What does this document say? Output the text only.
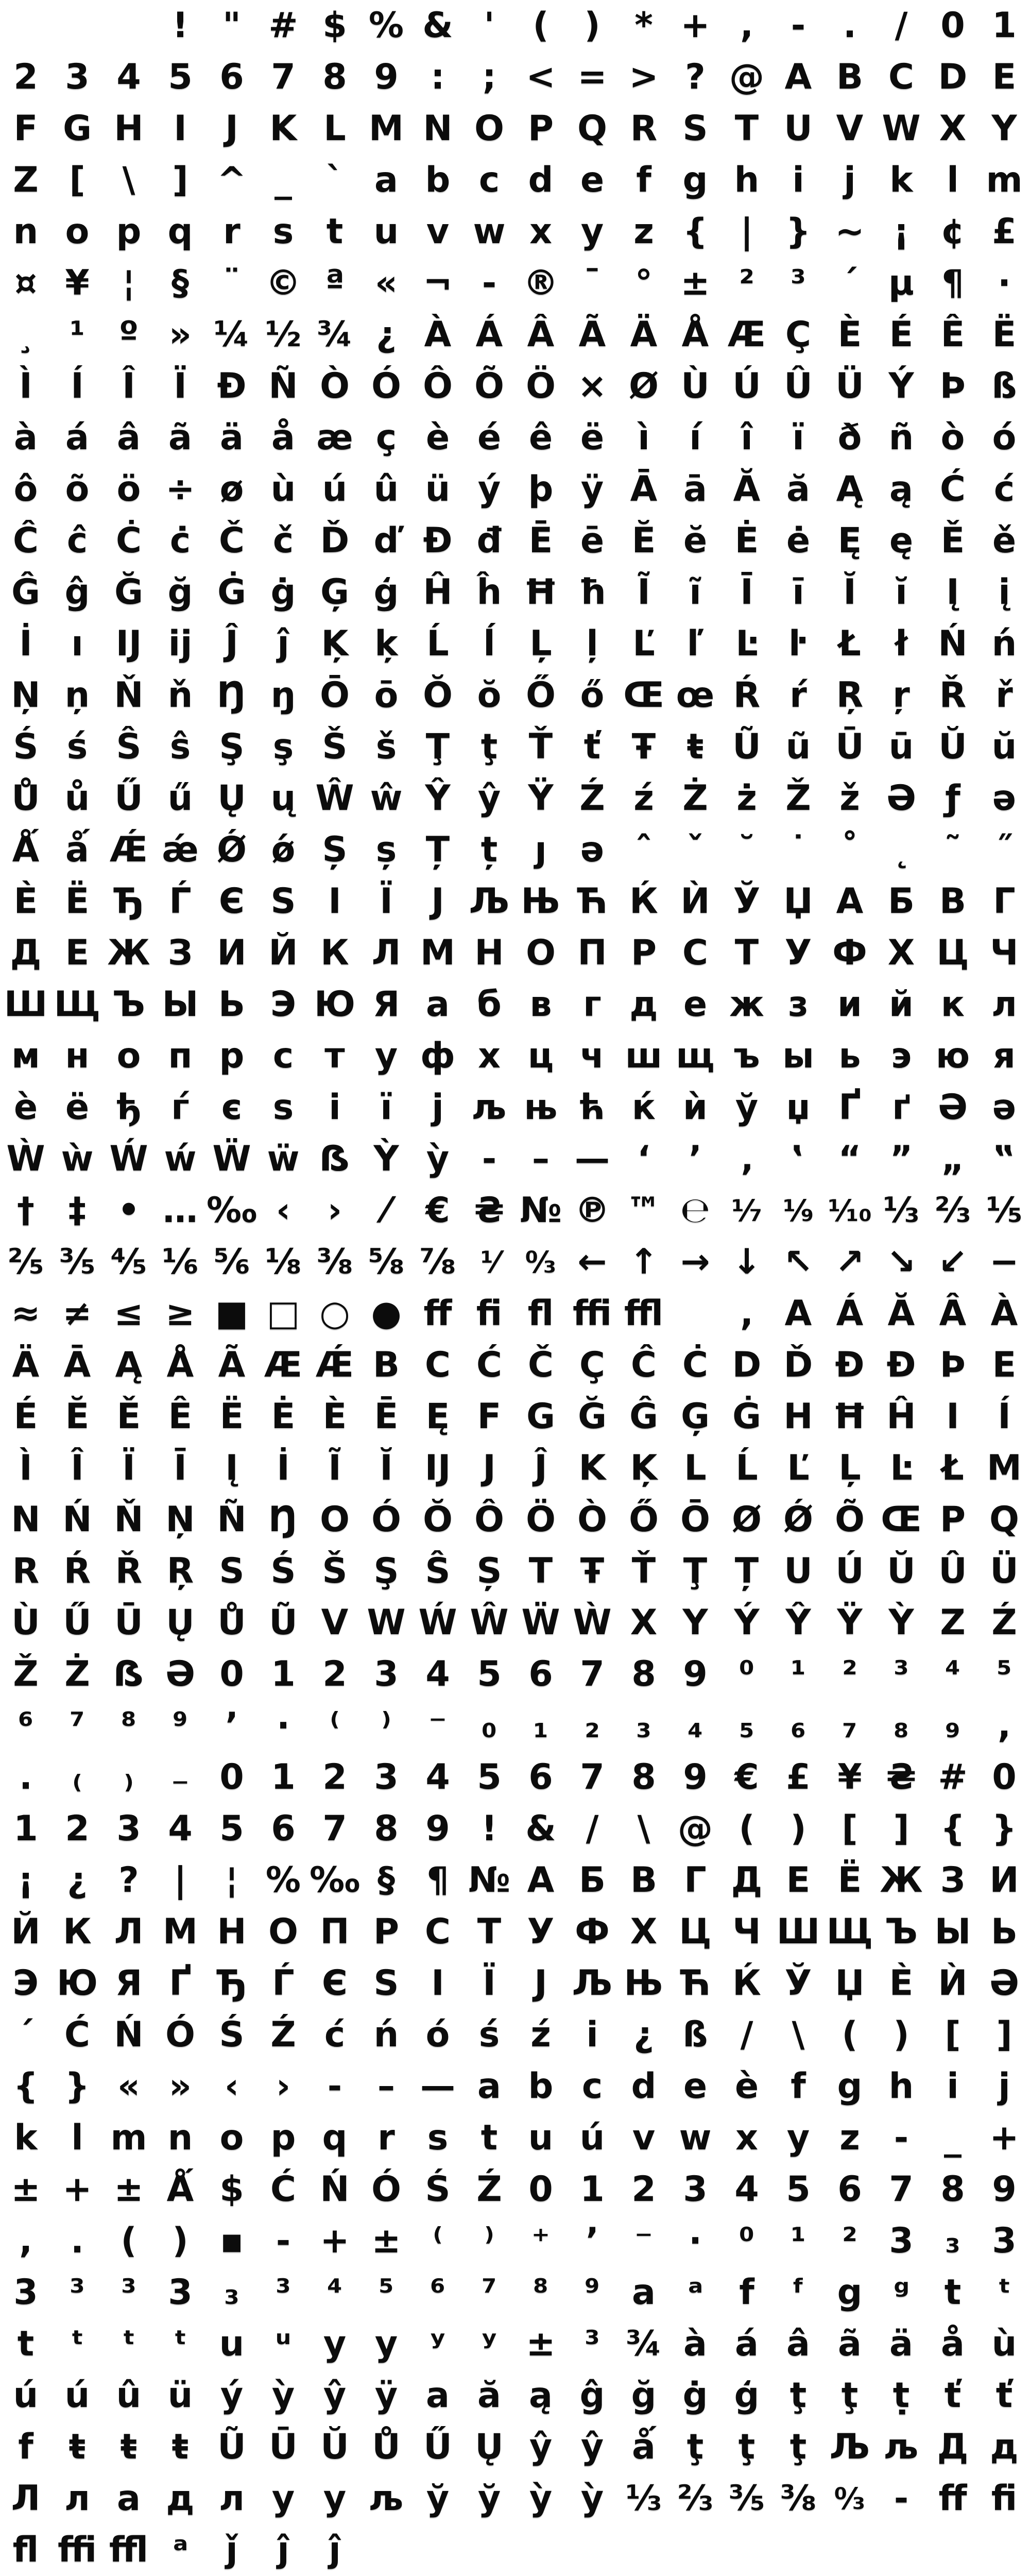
! " # $ % & '	(	) * + ,	-	.	/ 0 1
2 3 4 5 6 7 8 9 :	; < = > ? @ A B C D E
F G H I	J K L M N O P Q R S T U V W X Y
Z [	\	] ^ _ ` a b c d e f g h i	j k l m
n o p q r s t u v w x y z { | } ~ ¡ ¢ £
¤ ¥ ¦	§ ¨ © ª « ¬ - ® ¯ ° ± ²	³	´ µ ¶ ·
¸	¹ º » ¼ ½ ¾ ¿ À Á Â Ã Ä Å Æ Ç È É Ê Ë
Ì	Í	Î	Ï Ð Ñ Ò Ó Ô Õ Ö × Ø Ù Ú Û Ü Ý Þ ß
à á â ã ä å æ ç è é ê ë ì	í	î	ï ð ñ ò ó
ô õ ö ÷ ø ù ú û ü ý þ ÿ Ā ā Ă ă Ą ą Ć ć
Ĉ ĉ Ċ ċ Č č Ď ď Đ đ Ē ē Ĕ ĕ Ė ė Ę ę Ě ě
Ĝ ĝ Ğ ğ Ġ ġ Ģ ģ Ĥ ĥ Ħ ħ Ĩ	ĩ	Ī	ī	Ĭ	ĭ	Į	į
İ	ı Ĳ ĳ Ĵ	ĵ Ķ ķ Ĺ ĺ Ļ ļ Ľ ľ Ŀ ŀ Ł ł Ń ń
Ņ ņ Ň ň Ŋ ŋ Ō ō Ŏ ŏ Ő ő Œ œ Ŕ ŕ Ŗ ŗ Ř ř
Ś ś Ŝ ŝ Ş ş Š š Ţ ţ Ť ť Ŧ ŧ Ũ ũ Ū ū Ŭ ŭ
Ů ů Ű ű Ų ų Ŵ ŵ Ŷ ŷ Ÿ Ź ź Ż ż Ž ž Ə ƒ ə
Ǻ ǻ Ǽ ǽ Ǿ ǿ Ș ș Ț ț	ȷ ǝ ˆ ˇ ˘ ˙ ˚ ˛ ˜ ˝
Ѐ Ё Ђ Ѓ Є Ѕ І	Ї	Ј Љ Њ Ћ Ќ Ѝ Ў Џ А Б В Г
Д Е Ж З И Й К Л М Н О П Р С Т У Ф Х Ц Ч
Ш Щ Ъ Ы Ь Э Ю Я а б в г д е ж з и й к л
м н о п р с т у ф х ц ч ш щ ъ ы ь э ю я
ѐ ё ђ ѓ є ѕ	і	ї	ј љ њ ћ ќ ѝ ў џ Ґ ґ Ә ә
Ẁ ẁ Ẃ ẃ Ẅ ẅ ẞ Ỳ ỳ ‐	– — ‘	’	‚	‛ “ ” „ ‟
† ‡ • … ‰ ‹	›	⁄	€ ₴ № ℗ ™ ℮ ¹⁄₇ ¹⁄₉ ¹⁄₁₀ ⅓ ⅔ ⅕
⅖ ⅗ ⅘ ⅙ ⅚ ⅛ ⅜ ⅝ ⅞ ¹⁄ ⁰⁄₃ ← ↑ → ↓ ↖ ↗ ↘ ↙ −
≈ ≠ ≤ ≥ ■ □ ○ ● ﬀ ﬁ ﬂ ﬃ ﬄ	, A Á Ă Â À
Ä Ā Ą Å Ã Æ Ǽ B C Ć Č Ç Ĉ Ċ D Ď Đ Ð Þ E
É Ĕ Ě Ê Ë Ė È Ē Ę F G Ğ Ĝ Ģ Ġ H Ħ Ĥ I	Í
Ì	Î	Ï	Ī	Į	İ	Ĩ	Ĭ Ĳ J	Ĵ K Ķ L Ĺ Ľ Ļ Ŀ Ł M
N Ń Ň Ņ Ñ Ŋ O Ó Ŏ Ô Ö Ò Ő Ō Ø Ǿ Õ Œ P Q
R Ŕ Ř Ŗ S Ś Š Ş Ŝ Ș T Ŧ Ť Ţ Ț U Ú Ŭ Û Ü
Ù Ű Ū Ų Ů Ũ V W Ẃ Ŵ Ẅ Ẁ X Y Ý Ŷ Ÿ Ỳ Z Ź
Ž Ż ẞ Ə 0 1 2 3 4 5 6 7 8 9 ⁰	¹	²	³	⁴	⁵
⁶	⁷	⁸	⁹	’	·	⁽	⁾	⁻ ₀	₁	₂	₃	₄	₅	₆	₇	₈	₉	,
.	₍	₎	₋ 0 1 2 3 4 5 6 7 8 9 € £ ¥ ₴ # 0
1 2 3 4 5 6 7 8 9 ! & /	\ @ (	)	[	] { }
¡ ¿ ? |	¦ % ‰ § ¶ № А Б В Г Д Е Ё Ж З И
Й К Л М Н О П Р С Т У Ф Х Ц Ч Ш Щ Ъ Ы Ь
Э Ю Я Ґ Ђ Ѓ Є Ѕ І	Ї	Ј Љ Њ Ћ Ќ Ў Џ Ѐ Ѝ Ә
´ Ć Ń Ó Ś Ź ć ń ó ś ź	i	¿ ß /	\	(	)	[	]
{ } « » ‹	›	‐	– — a b c d e è f g h i	j
k l m n o p q r s t u ú v w x y z -	_ +
± + ± Ǻ $ Ć Ń Ó Ś Ź 0 1 2 3 4 5 6 7 8 9
,	.	(	) ▪ - + ± ⁽	⁾	⁺	’	⁻	·	⁰	¹	² 3 ₃ 3
3 ³	³ 3 ₃	³	⁴	⁵	⁶	⁷	⁸	⁹ a ᵃ	f	ᶠ g ᵍ t	ᵗ
t	ᵗ	ᵗ	ᵗ u ᵘ y y ʸ	ʸ ± ³ ¾ à á â ã ä å ù
ú ú û ü ý ỳ ŷ ÿ a ă ą ĝ ğ ġ ģ ţ ţ ṭ ť ť
f	ŧ ŧ ŧ Ũ Ū Ŭ Ů Ű Ų ŷ ŷ ǻ ţ ţ ţ Љ љ Д д
Л л а д л у у љ ў ў ỳ ỳ ⅓ ⅔ ⅗ ⅜ ⁰⁄₃ - ﬀ ﬁ
ﬂ ﬃ ﬄ ᵃ	ǰ	ĵ	ĵ
